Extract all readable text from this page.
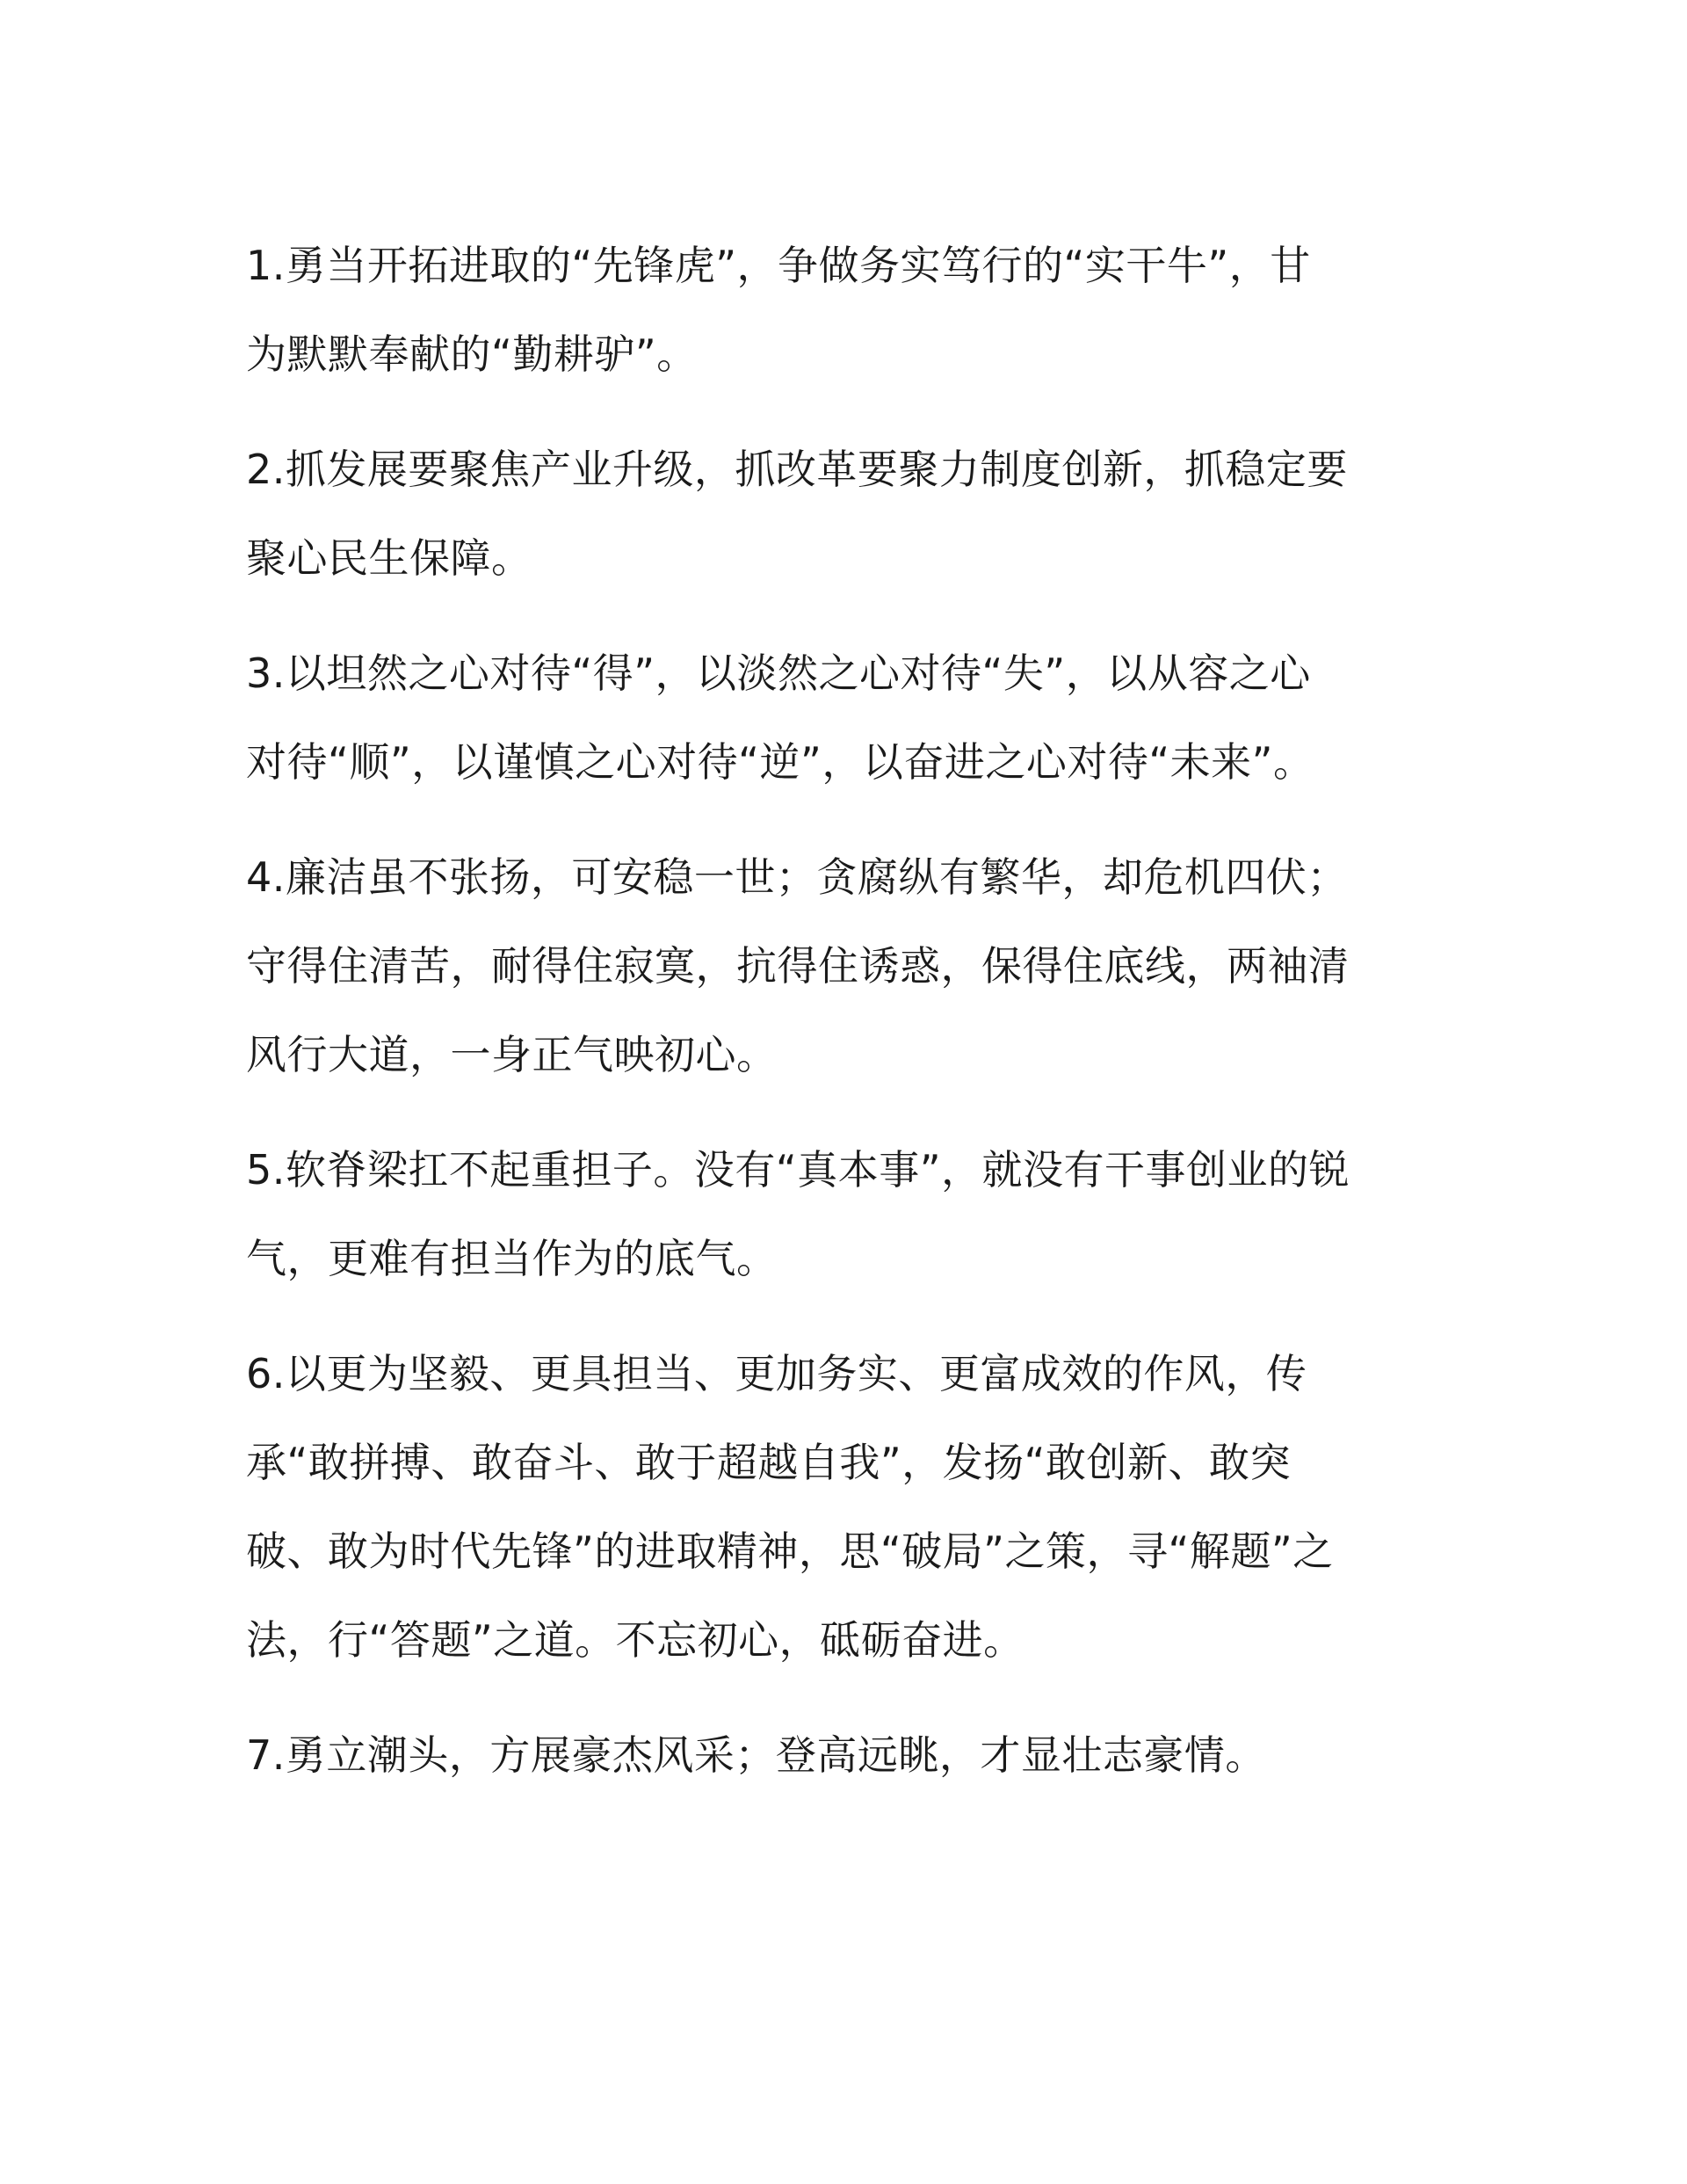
1.勇当开拓进取的“先锋虎”，争做务实笃行的“实干牛”，甘
为默默奉献的“勤耕驴”。
2.抓发展要聚焦产业升级，抓改革要聚力制度创新，抓稳定要
聚心民生保障。
3.以坦然之心对待“得”，以淡然之心对待“失”，以从容之心
对待“顺”，以谨慎之心对待“逆”，以奋进之心对待“未来”。
4.廉洁虽不张扬，可安稳一世；贪腐纵有繁华，却危机四伏；
守得住清苦，耐得住寂寞，抗得住诱惑，保得住底线，两袖清
风行大道，一身正气映初心。
5.软脊梁扛不起重担子。没有“真本事”，就没有干事创业的锐
气，更难有担当作为的底气。
6.以更为坚毅、更具担当、更加务实、更富成效的作风，传
承“敢拼搏、敢奋斗、敢于超越自我”，发扬“敢创新、敢突
破、敢为时代先锋”的进取精神，思“破局”之策，寻“解题”之
法，行“答题”之道。不忘初心，砥砺奋进。
7.勇立潮头，方展豪杰风采；登高远眺，才显壮志豪情。
